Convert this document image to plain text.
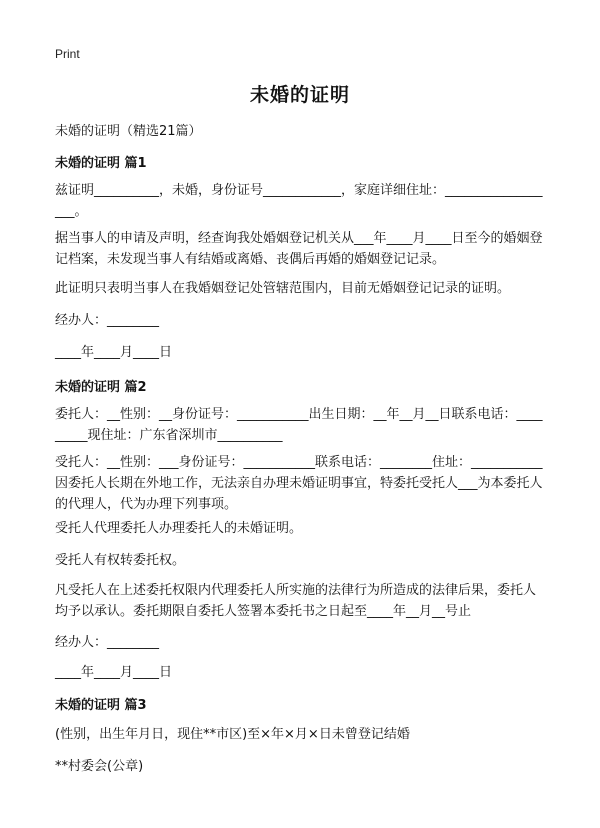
Print
未婚的证明

未婚的证明（精选21篇）

未婚的证明 篇1

兹证明__________，未婚，身份证号____________，家庭详细住址：__________________。

据当事人的申请及声明，经查询我处婚姻登记机关从___年____月____日至今的婚姻登记档案，未发现当事人有结婚或离婚、丧偶后再婚的婚姻登记记录。

此证明只表明当事人在我婚姻登记处管辖范围内，目前无婚姻登记记录的证明。

经办人：________

____年____月____日

未婚的证明 篇2

委托人：__性别：__身份证号：___________出生日期：__年__月__日联系电话：_________现住址：广东省深圳市__________

受托人：__性别：___身份证号：___________联系电话：________住址：___________因委托人长期在外地工作，无法亲自办理未婚证明事宜，特委托受托人___为本委托人的代理人，代为办理下列事项。

受托人代理委托人办理委托人的未婚证明。

受托人有权转委托权。

凡受托人在上述委托权限内代理委托人所实施的法律行为所造成的法律后果，委托人均予以承认。委托期限自委托人签署本委托书之日起至____年__月__号止

经办人：________

____年____月____日

未婚的证明 篇3

(性别，出生年月日，现住**市区)至×年×月×日未曾登记结婚

**村委会(公章)
